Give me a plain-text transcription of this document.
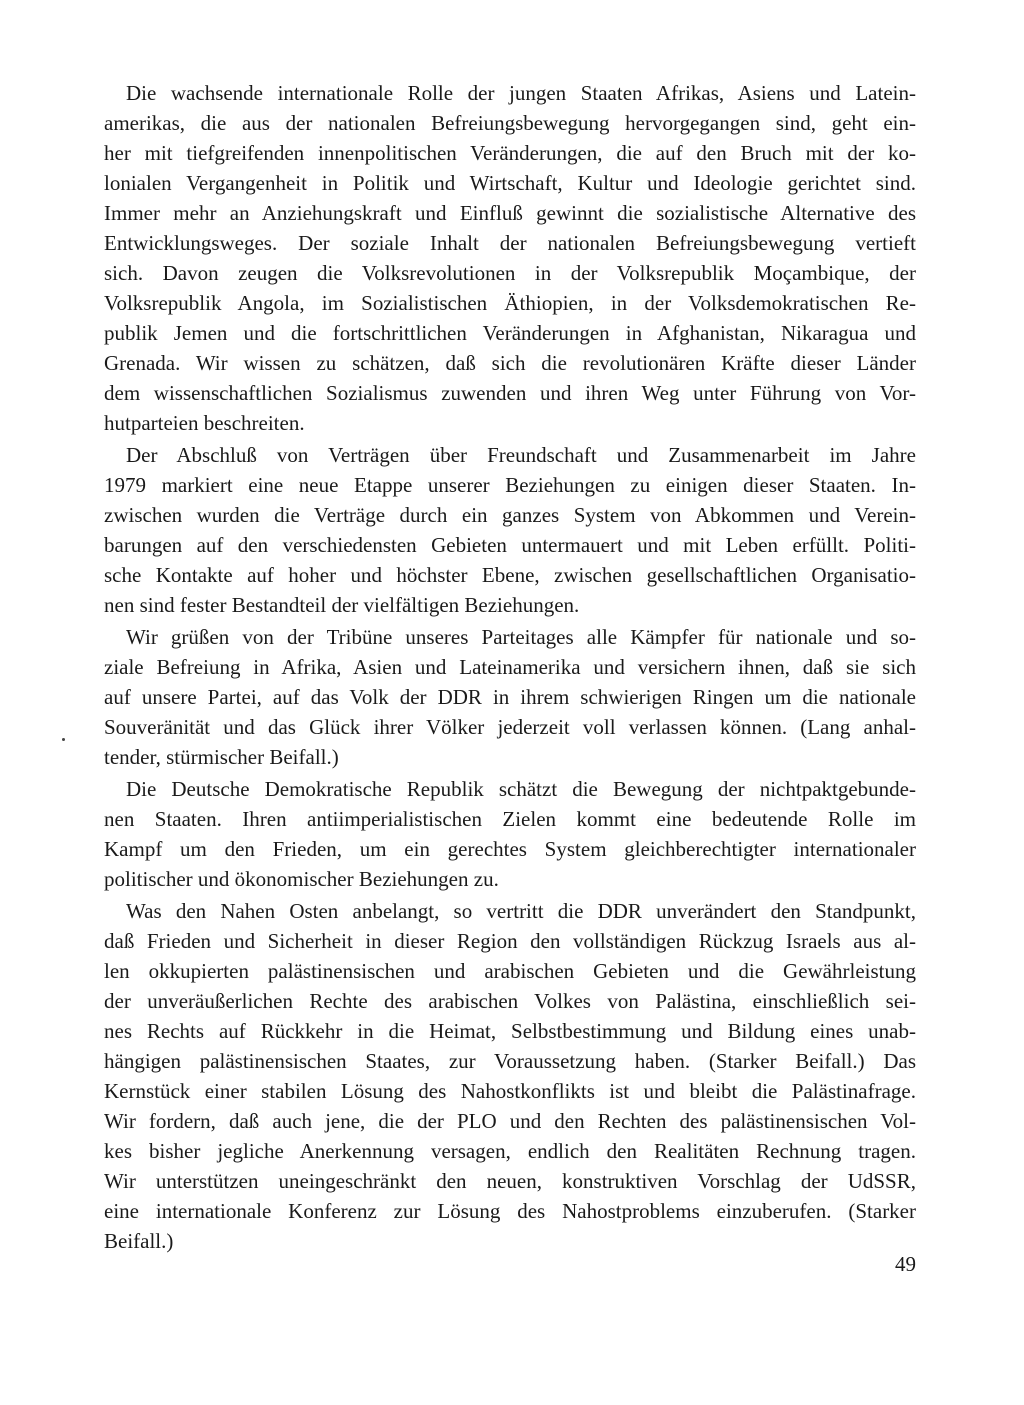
Die wachsende internationale Rolle der jungen Staaten Afrikas, Asiens und Latein-
amerikas, die aus der nationalen Befreiungsbewegung hervorgegangen sind, geht ein-
her mit tiefgreifenden innenpolitischen Veränderungen, die auf den Bruch mit der ko-
lonialen Vergangenheit in Politik und Wirtschaft, Kultur und Ideologie gerichtet sind.
Immer mehr an Anziehungskraft und Einfluß gewinnt die sozialistische Alternative des
Entwicklungsweges. Der soziale Inhalt der nationalen Befreiungsbewegung vertieft
sich. Davon zeugen die Volksrevolutionen in der Volksrepublik Moçambique, der
Volksrepublik Angola, im Sozialistischen Äthiopien, in der Volksdemokratischen Re-
publik Jemen und die fortschrittlichen Veränderungen in Afghanistan, Nikaragua und
Grenada. Wir wissen zu schätzen, daß sich die revolutionären Kräfte dieser Länder
dem wissenschaftlichen Sozialismus zuwenden und ihren Weg unter Führung von Vor-
hutparteien beschreiten.
Der Abschluß von Verträgen über Freundschaft und Zusammenarbeit im Jahre
1979 markiert eine neue Etappe unserer Beziehungen zu einigen dieser Staaten. In-
zwischen wurden die Verträge durch ein ganzes System von Abkommen und Verein-
barungen auf den verschiedensten Gebieten untermauert und mit Leben erfüllt. Politi-
sche Kontakte auf hoher und höchster Ebene, zwischen gesellschaftlichen Organisatio-
nen sind fester Bestandteil der vielfältigen Beziehungen.
Wir grüßen von der Tribüne unseres Parteitages alle Kämpfer für nationale und so-
ziale Befreiung in Afrika, Asien und Lateinamerika und versichern ihnen, daß sie sich
auf unsere Partei, auf das Volk der DDR in ihrem schwierigen Ringen um die nationale
Souveränität und das Glück ihrer Völker jederzeit voll verlassen können. (Lang anhal-
tender, stürmischer Beifall.)
Die Deutsche Demokratische Republik schätzt die Bewegung der nichtpaktgebunde-
nen Staaten. Ihren antiimperialistischen Zielen kommt eine bedeutende Rolle im
Kampf um den Frieden, um ein gerechtes System gleichberechtigter internationaler
politischer und ökonomischer Beziehungen zu.
Was den Nahen Osten anbelangt, so vertritt die DDR unverändert den Standpunkt,
daß Frieden und Sicherheit in dieser Region den vollständigen Rückzug Israels aus al-
len okkupierten palästinensischen und arabischen Gebieten und die Gewährleistung
der unveräußerlichen Rechte des arabischen Volkes von Palästina, einschließlich sei-
nes Rechts auf Rückkehr in die Heimat, Selbstbestimmung und Bildung eines unab-
hängigen palästinensischen Staates, zur Voraussetzung haben. (Starker Beifall.) Das
Kernstück einer stabilen Lösung des Nahostkonflikts ist und bleibt die Palästinafrage.
Wir fordern, daß auch jene, die der PLO und den Rechten des palästinensischen Vol-
kes bisher jegliche Anerkennung versagen, endlich den Realitäten Rechnung tragen.
Wir unterstützen uneingeschränkt den neuen, konstruktiven Vorschlag der UdSSR,
eine internationale Konferenz zur Lösung des Nahostproblems einzuberufen. (Starker
Beifall.)
49
